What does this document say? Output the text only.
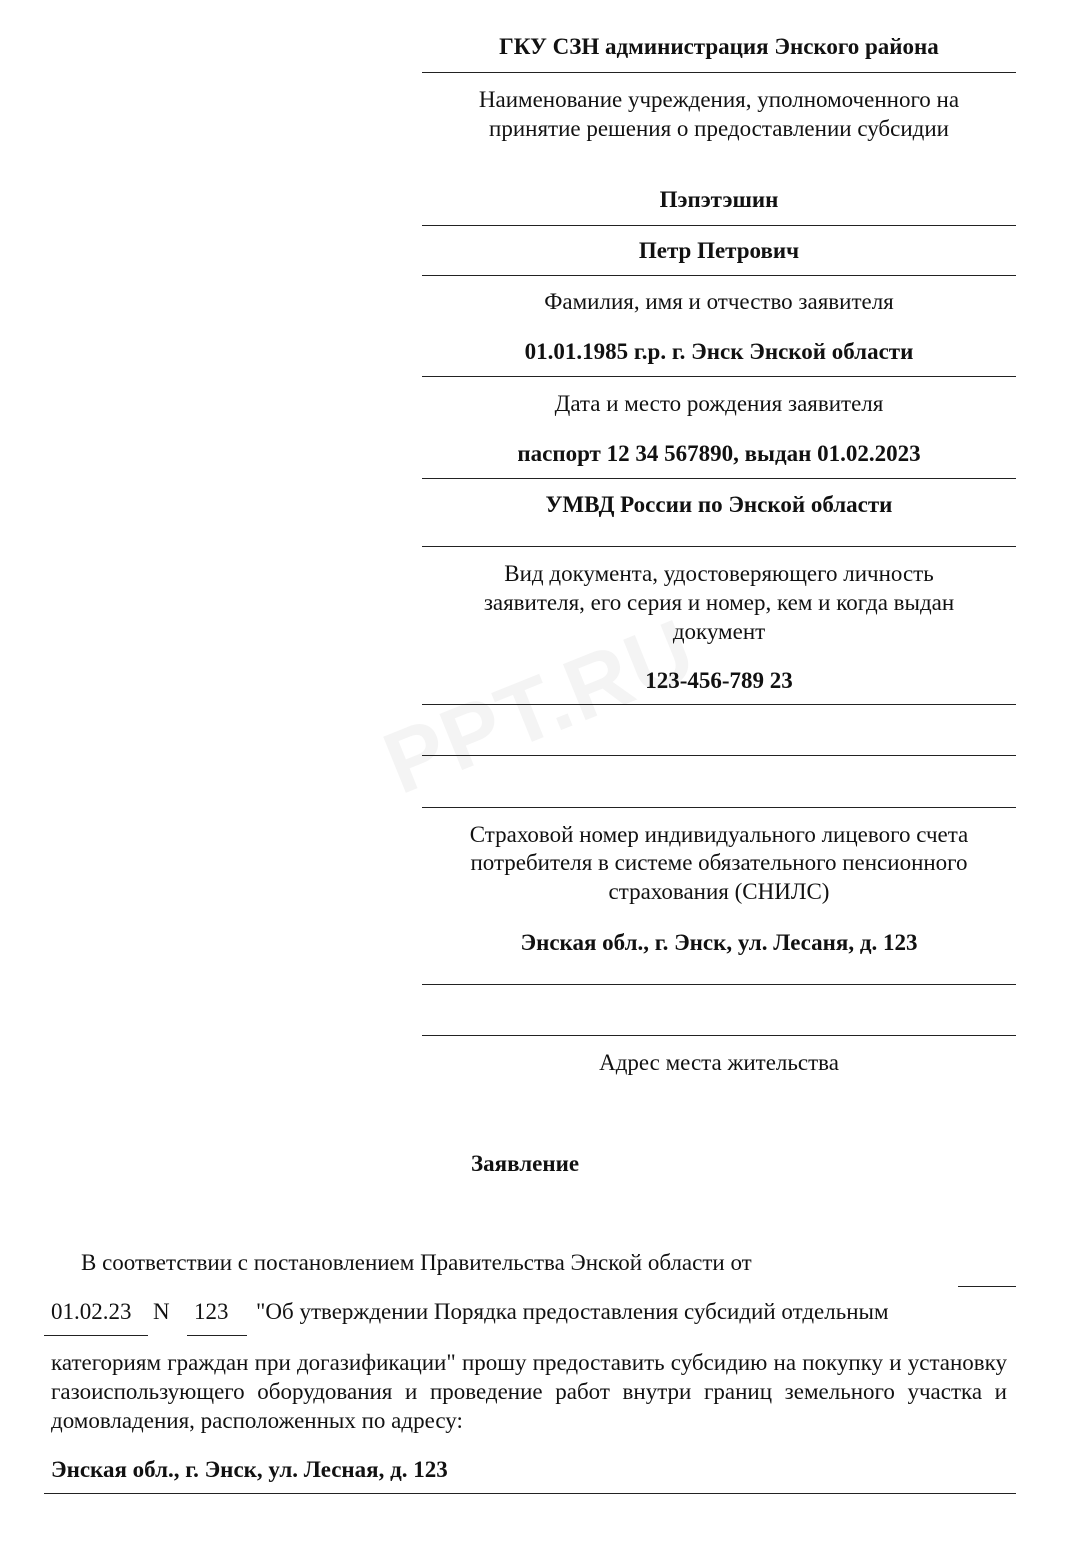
ГКУ СЗН администрация Энского района
Наименование учреждения, уполномоченного на
принятие решения о предоставлении субсидии
Пэпэтэшин
Петр Петрович
Фамилия, имя и отчество заявителя
01.01.1985 г.р. г. Энск Энской области
Дата и место рождения заявителя
паспорт 12 34 567890, выдан 01.02.2023
УМВД России по Энской области
Вид документа, удостоверяющего личность
заявителя, его серия и номер, кем и когда выдан
документ
123-456-789 23
Страховой номер индивидуального лицевого счета
потребителя в системе обязательного пенсионного
страхования (СНИЛС)
Энская обл., г. Энск, ул. Лесаня, д. 123
Адрес места жительства
Заявление
В соответствии с постановлением Правительства Энской области от
01.02.23 N 123 "Об утверждении Порядка предоставления субсидий отдельным
категориям граждан при догазификации" прошу предоставить субсидию на покупку и установку газоиспользующего оборудования и проведение работ внутри границ земельного участка и домовладения, расположенных по адресу:
Энская обл., г. Энск, ул. Лесная, д. 123
